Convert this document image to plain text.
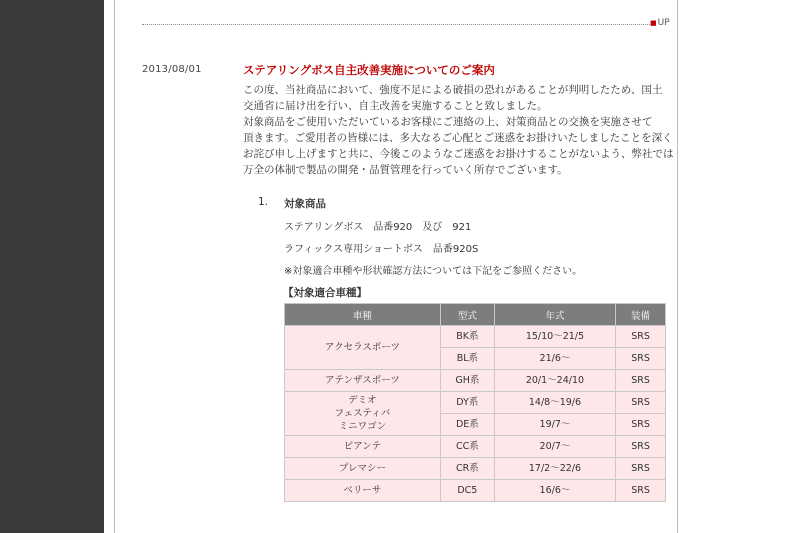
■UP
2013/08/01	ステアリングボス自主改善実施についてのご案内

この度、当社商品において、強度不足による破損の恐れがあることが判明したため、国土

交通省に届け出を行い、自主改善を実施することと致しました。

対象商品をご使用いただいているお客様にご連絡の上、対策商品との交換を実施させて

頂きます。ご愛用者の皆様には、多大なるご心配とご迷惑をお掛けいたしましたことを深く

お詫び申し上げますと共に、今後このようなご迷惑をお掛けすることがないよう、弊社では

万全の体制で製品の開発・品質管理を行っていく所存でございます。

1. 対象商品
ステアリングボス　品番920　及び　921
ラフィックス専用ショートボス　品番920S
※対象適合車種や形状確認方法については下記をご参照ください。
【対象適合車種】
車種	型式	年式	装備
アクセラスポーツ	BK系	15/10〜21/5	SRS
	BL系	21/6〜	SRS
アテンザスポーツ	GH系	20/1〜24/10	SRS

デミオ
フェスティバ
ミニワゴン	DY系	14/8〜19/6	SRS
	DE系	19/7〜	SRS
ビアンテ	CC系	20/7〜	SRS
プレマシー	CR系	17/2〜22/6	SRS
ベリーサ	DC5	16/6〜	SRS
